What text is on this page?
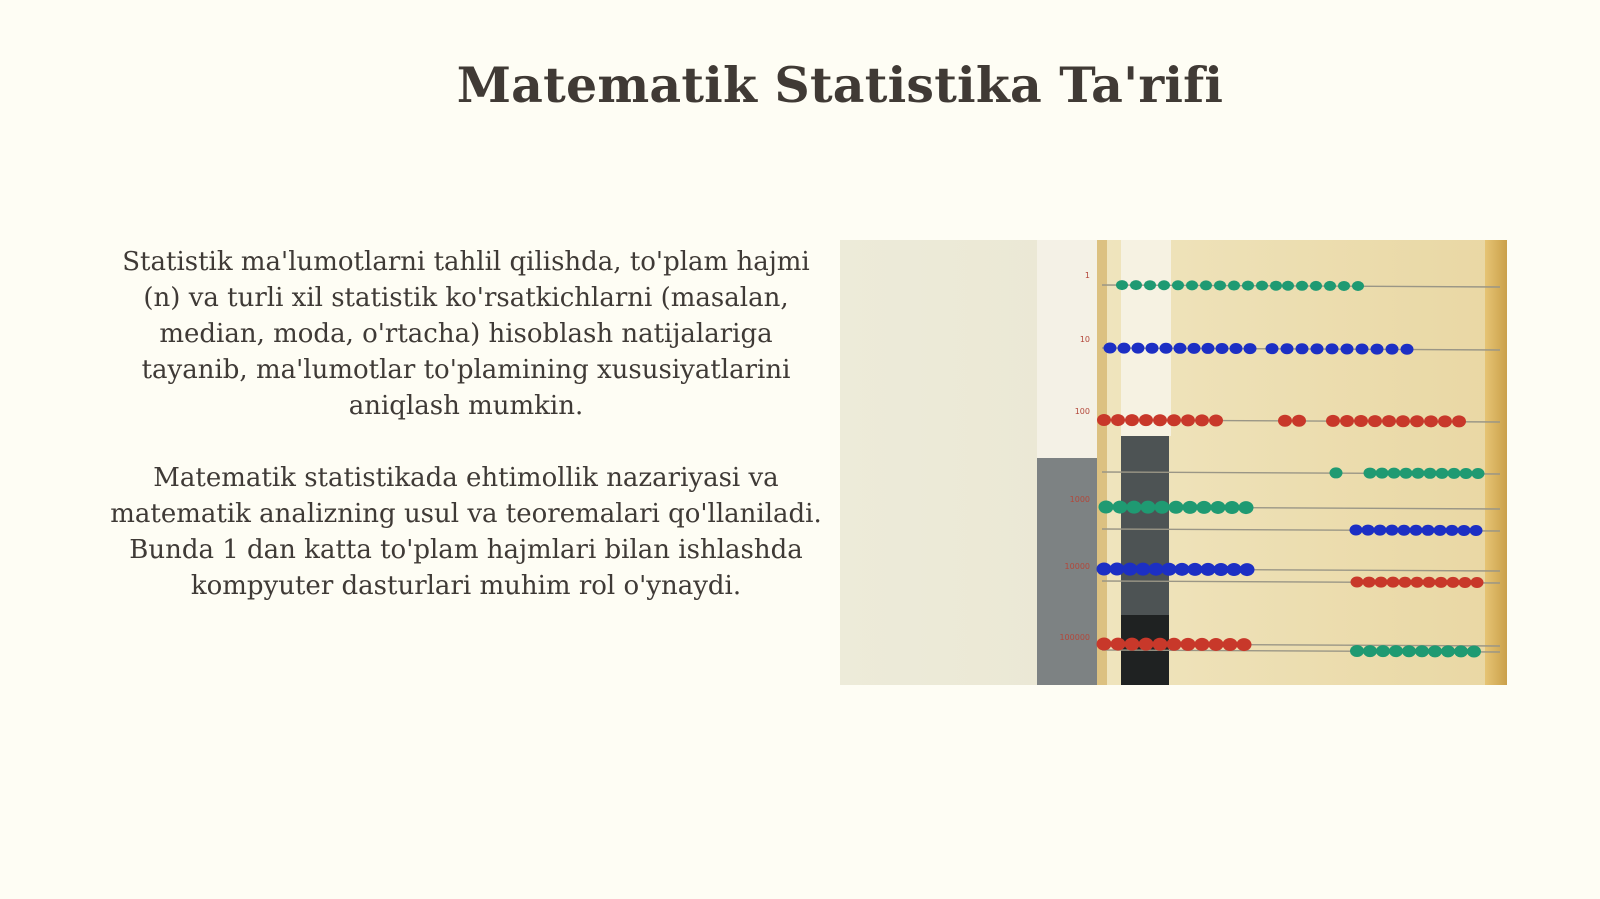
Matematik Statistika Ta'rifi

Statistik ma'lumotlarni tahlil qilishda, to'plam hajmi (n) va turli xil statistik ko'rsatkichlarni (masalan, median, moda, o'rtacha) hisoblash natijalariga tayanib, ma'lumotlar to'plamining xususiyatlarini aniqlash mumkin.

Matematik statistikada ehtimollik nazariyasi va matematik analizning usul va teoremalari qo'llaniladi. Bunda 1 dan katta to'plam hajmlari bilan ishlashda kompyuter dasturlari muhim rol o'ynaydi.

1
10
100
1000
10000
100000
